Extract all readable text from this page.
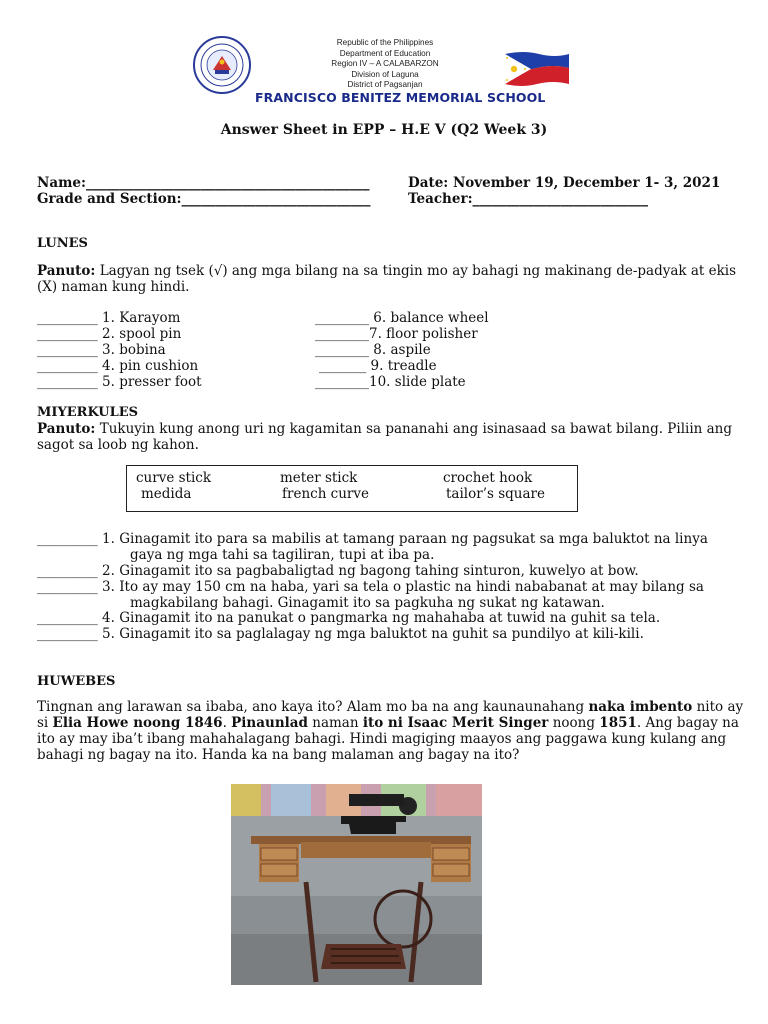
Republic of the Philippines
Department of Education
Region IV – A CALABARZON
Division of Laguna
District of Pagsanjan
FRANCISCO BENITEZ MEMORIAL SCHOOL
Answer Sheet in EPP – H.E V (Q2 Week 3)
Name:__________________________________________	Date: November 19, December 1- 3, 2021
Grade and Section:____________________________	Teacher:__________________________
LUNES
Panuto: Lagyan ng tsek (√) ang mga bilang na sa tingin mo ay bahagi ng makinang de-padyak at ekis (X) naman kung hindi.
_________ 1. Karayom
_________ 2. spool pin
_________ 3. bobina
_________ 4. pin cushion
_________ 5. presser foot
________ 6. balance wheel
________7. floor polisher
________ 8. aspile
_______ 9. treadle
________10. slide plate
MIYERKULES
Panuto: Tukuyin kung anong uri ng kagamitan sa pananahi ang isinasaad sa bawat bilang. Piliin ang sagot sa loob ng kahon.
curve stick	meter stick	crochet hook
medida	french curve	tailor’s square
_________ 1. Ginagamit ito para sa mabilis at tamang paraan ng pagsukat sa mga baluktot na linya
gaya ng mga tahi sa tagiliran, tupi at iba pa.
_________ 2. Ginagamit ito sa pagbabaligtad ng bagong tahing sinturon, kuwelyo at bow.
_________ 3. Ito ay may 150 cm na haba, yari sa tela o plastic na hindi nababanat at may bilang sa
magkabilang bahagi. Ginagamit ito sa pagkuha ng sukat ng katawan.
_________ 4. Ginagamit ito na panukat o pangmarka ng mahahaba at tuwid na guhit sa tela.
_________ 5. Ginagamit ito sa paglalagay ng mga baluktot na guhit sa pundilyo at kili-kili.
HUWEBES
Tingnan ang larawan sa ibaba, ano kaya ito? Alam mo ba na ang kaunaunahang naka imbento nito ay si Elia Howe noong 1846. Pinaunlad naman ito ni Isaac Merit Singer noong 1851. Ang bagay na ito ay may iba’t ibang mahahalagang bahagi. Hindi magiging maayos ang paggawa kung kulang ang bahagi ng bagay na ito. Handa ka na bang malaman ang bagay na ito?
